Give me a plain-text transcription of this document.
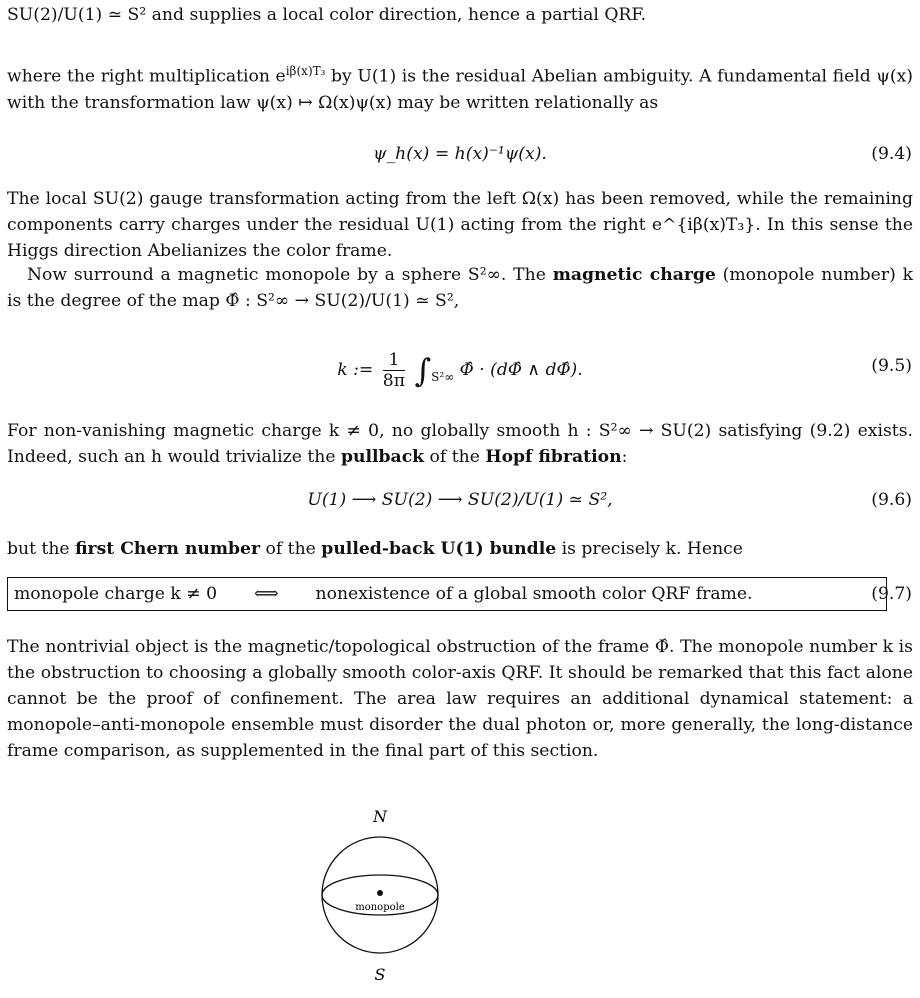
SU(2)/U(1) ≃ S² and supplies a local color direction, hence a partial QRF.

where the right multiplication $e^{i\beta(x)T_3}$ by U(1) is the residual Abelian ambiguity. A fundamental field ψ(x) with the transformation law ψ(x) ↦ Ω(x)ψ(x) may be written relationally as

ψ_h(x) = h(x)⁻¹ψ(x).	(9.4)

The local SU(2) gauge transformation acting from the left Ω(x) has been removed, while the remaining components carry charges under the residual U(1) acting from the right e^{iβ(x)T₃}. In this sense the Higgs direction Abelianizes the color frame.

Now surround a magnetic monopole by a sphere S²∞. The magnetic charge (monopole number) k is the degree of the map Φ̂ : S²∞ → SU(2)/U(1) ≃ S²,

k := $\frac{1}{8\pi} \int_{S^2\infty}$ Φ̂ · (dΦ̂ ∧ dΦ̂).	(9.5)

For non-vanishing magnetic charge k ≠ 0, no globally smooth h : S²∞ → SU(2) satisfying (9.2) exists. Indeed, such an h would trivialize the pullback of the Hopf fibration:

U(1) ⟶ SU(2) ⟶ SU(2)/U(1) ≃ S²,	(9.6)

but the first Chern number of the pulled-back U(1) bundle is precisely k. Hence

monopole charge k ≠ 0 ⟺ nonexistence of a global smooth color QRF frame.	(9.7)

The nontrivial object is the magnetic/topological obstruction of the frame Φ̂. The monopole number k is the obstruction to choosing a globally smooth color-axis QRF. It should be remarked that this fact alone cannot be the proof of confinement. The area law requires an additional dynamical statement: a monopole–anti-monopole ensemble must disorder the dual photon or, more generally, the long-distance frame comparison, as supplemented in the final part of this section.

N
monopole
S
